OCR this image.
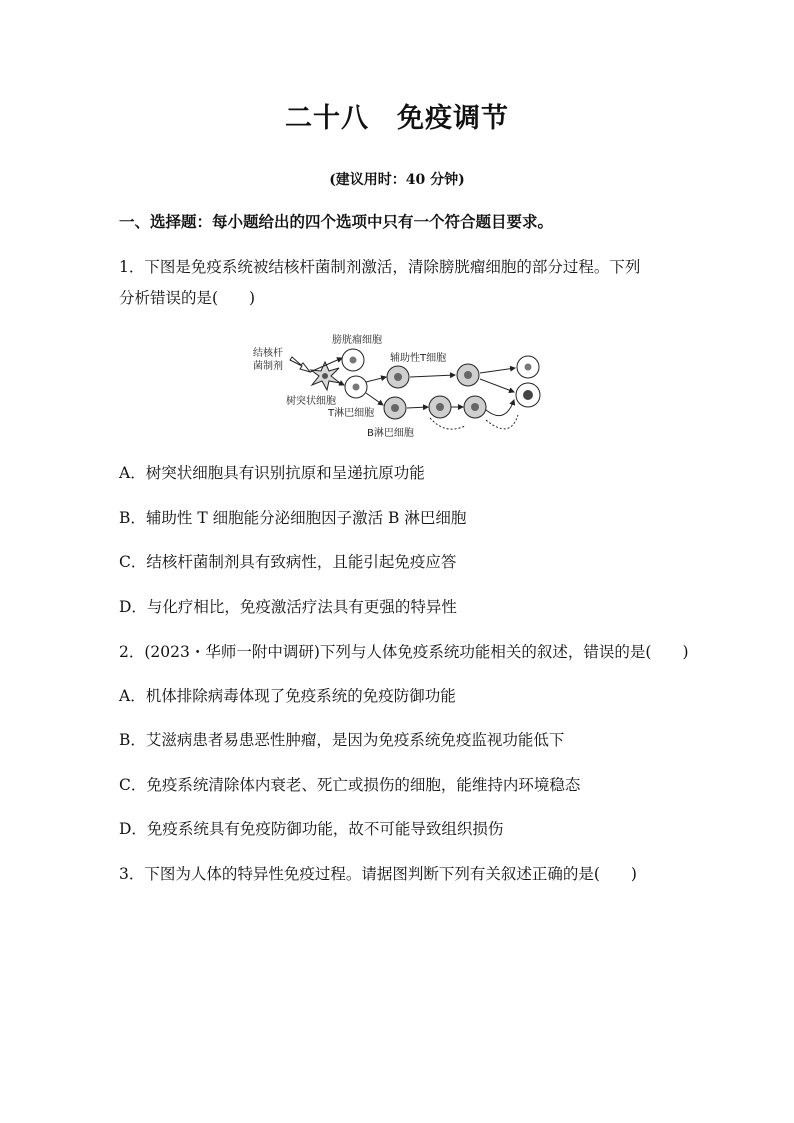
二十八　免疫调节
(建议用时：40 分钟)
一、选择题：每小题给出的四个选项中只有一个符合题目要求。
1．下图是免疫系统被结核杆菌制剂激活，清除膀胱瘤细胞的部分过程。下列
分析错误的是(　　)
结核杆
菌制剂
树突状细胞
膀胱瘤细胞
T淋巴细胞
辅助性T细胞
B淋巴细胞
A．树突状细胞具有识别抗原和呈递抗原功能
B．辅助性 T 细胞能分泌细胞因子激活 B 淋巴细胞
C．结核杆菌制剂具有致病性，且能引起免疫应答
D．与化疗相比，免疫激活疗法具有更强的特异性
2．(2023・华师一附中调研)下列与人体免疫系统功能相关的叙述，错误的是(　　)
A．机体排除病毒体现了免疫系统的免疫防御功能
B．艾滋病患者易患恶性肿瘤，是因为免疫系统免疫监视功能低下
C．免疫系统清除体内衰老、死亡或损伤的细胞，能维持内环境稳态
D．免疫系统具有免疫防御功能，故不可能导致组织损伤
3．下图为人体的特异性免疫过程。请据图判断下列有关叙述正确的是(　　)
